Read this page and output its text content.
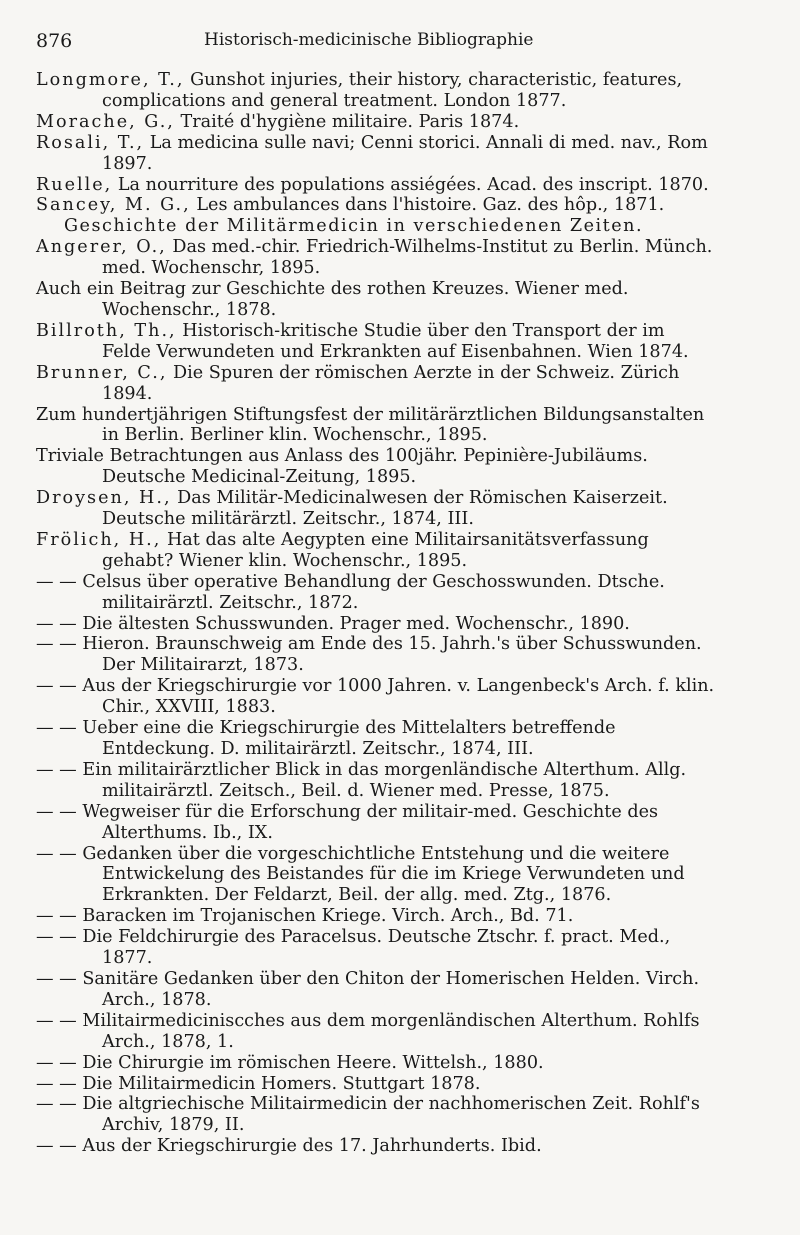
876	Historisch-medicinische Bibliographie
Longmore, T., Gunshot injuries, their history, characteristic, features, complications and general treatment. London 1877.
Morache, G., Traité d'hygiène militaire. Paris 1874.
Rosali, T., La medicina sulle navi; Cenni storici. Annali di med. nav., Rom 1897.
Ruelle, La nourriture des populations assiégées. Acad. des inscript. 1870.
Sancey, M. G., Les ambulances dans l'histoire. Gaz. des hôp., 1871.
Geschichte der Militärmedicin in verschiedenen Zeiten.
Angerer, O., Das med.-chir. Friedrich-Wilhelms-Institut zu Berlin. Münch. med. Wochenschr, 1895.
Auch ein Beitrag zur Geschichte des rothen Kreuzes. Wiener med. Wochenschr., 1878.
Billroth, Th., Historisch-kritische Studie über den Transport der im Felde Verwundeten und Erkrankten auf Eisenbahnen. Wien 1874.
Brunner, C., Die Spuren der römischen Aerzte in der Schweiz. Zürich 1894.
Zum hundertjährigen Stiftungsfest der militärärztlichen Bildungsanstalten in Berlin. Berliner klin. Wochenschr., 1895.
Triviale Betrachtungen aus Anlass des 100jähr. Pepinière-Jubiläums. Deutsche Medicinal-Zeitung, 1895.
Droysen, H., Das Militär-Medicinalwesen der Römischen Kaiserzeit. Deutsche militärärztl. Zeitschr., 1874, III.
Frölich, H., Hat das alte Aegypten eine Militairsanitätsverfassung gehabt? Wiener klin. Wochenschr., 1895.
— — Celsus über operative Behandlung der Geschosswunden. Dtsche. militairärztl. Zeitschr., 1872.
— — Die ältesten Schusswunden. Prager med. Wochenschr., 1890.
— — Hieron. Braunschweig am Ende des 15. Jahrh.'s über Schusswunden. Der Militairarzt, 1873.
— — Aus der Kriegschirurgie vor 1000 Jahren. v. Langenbeck's Arch. f. klin. Chir., XXVIII, 1883.
— — Ueber eine die Kriegschirurgie des Mittelalters betreffende Entdeckung. D. militairärztl. Zeitschr., 1874, III.
— — Ein militairärztlicher Blick in das morgenländische Alterthum. Allg. militairärztl. Zeitsch., Beil. d. Wiener med. Presse, 1875.
— — Wegweiser für die Erforschung der militair-med. Geschichte des Alterthums. Ib., IX.
— — Gedanken über die vorgeschichtliche Entstehung und die weitere Entwickelung des Beistandes für die im Kriege Verwundeten und Erkrankten. Der Feldarzt, Beil. der allg. med. Ztg., 1876.
— — Baracken im Trojanischen Kriege. Virch. Arch., Bd. 71.
— — Die Feldchirurgie des Paracelsus. Deutsche Ztschr. f. pract. Med., 1877.
— — Sanitäre Gedanken über den Chiton der Homerischen Helden. Virch. Arch., 1878.
— — Militairmediciniscches aus dem morgenländischen Alterthum. Rohlfs Arch., 1878, 1.
— — Die Chirurgie im römischen Heere. Wittelsh., 1880.
— — Die Militairmedicin Homers. Stuttgart 1878.
— — Die altgriechische Militairmedicin der nachhomerischen Zeit. Rohlf's Archiv, 1879, II.
— — Aus der Kriegschirurgie des 17. Jahrhunderts. Ibid.
